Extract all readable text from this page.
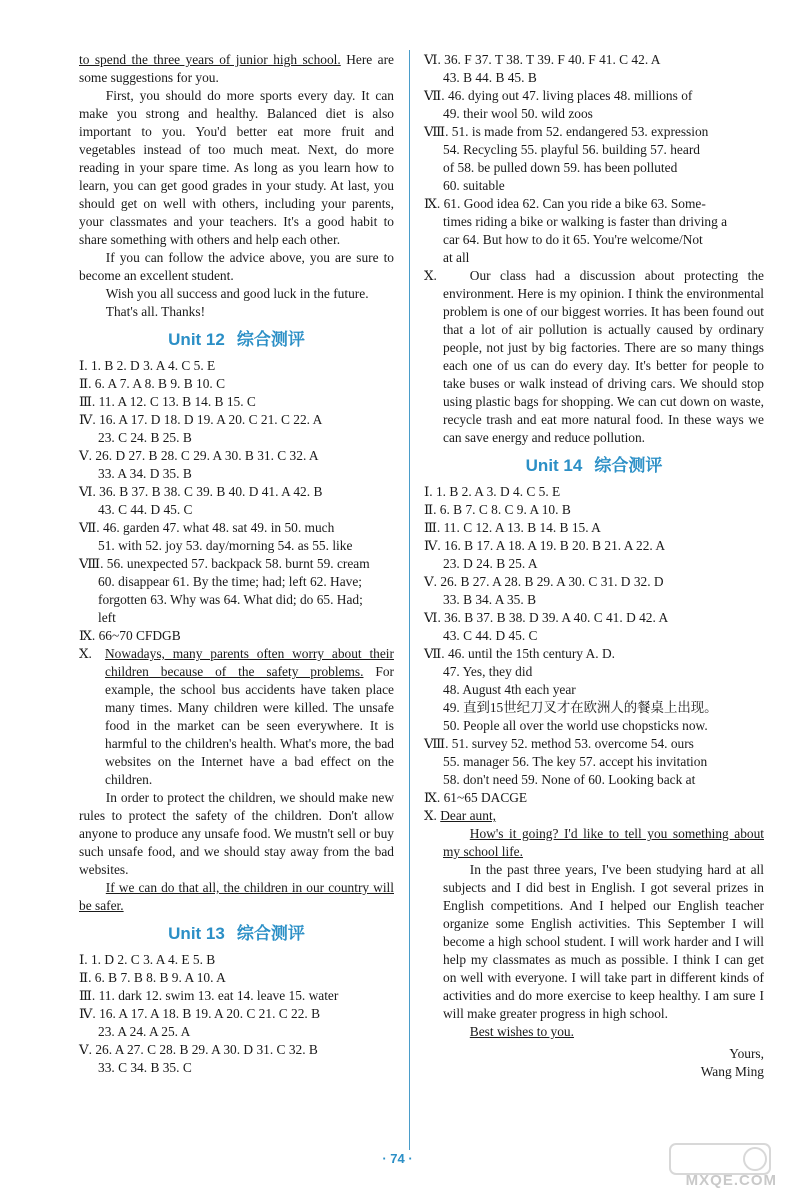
to spend the three years of junior high school. Here are some suggestions for you.

First, you should do more sports every day. It can make you strong and healthy. Balanced diet is also important to you. You'd better eat more fruit and vegetables instead of too much meat. Next, do more reading in your spare time. As long as you learn how to learn, you can get good grades in your study. At last, you should get on well with others, including your parents, your classmates and your teachers. It's a good habit to share something with others and help each other.

If you can follow the advice above, you are sure to become an excellent student.

Wish you all success and good luck in the future.

That's all. Thanks!

Unit 12 综合测评

Ⅰ. 1. B 2. D 3. A 4. C 5. E

Ⅱ. 6. A 7. A 8. B 9. B 10. C

Ⅲ. 11. A 12. C 13. B 14. B 15. C

Ⅳ. 16. A 17. D 18. D 19. A 20. C 21. C 22. A

23. C 24. B 25. B

Ⅴ. 26. D 27. B 28. C 29. A 30. B 31. C 32. A

33. A 34. D 35. B

Ⅵ. 36. B 37. B 38. C 39. B 40. D 41. A 42. B

43. C 44. D 45. C

Ⅶ. 46. garden 47. what 48. sat 49. in 50. much

51. with 52. joy 53. day/morning 54. as 55. like

Ⅷ. 56. unexpected 57. backpack 58. burnt 59. cream

60. disappear 61. By the time; had; left 62. Have;

forgotten 63. Why was 64. What did; do 65. Had;

left

Ⅸ. 66~70 CFDGB

Ⅹ. Nowadays, many parents often worry about their children because of the safety problems. For example, the school bus accidents have taken place many times. Many children were killed. The unsafe food in the market can be seen everywhere. It is harmful to the children's health. What's more, the bad websites on the Internet have a bad effect on the children.

In order to protect the children, we should make new rules to protect the safety of the children. Don't allow anyone to produce any unsafe food. We mustn't sell or buy such unsafe food, and we should stay away from the bad websites.

If we can do that all, the children in our country will be safer.

Unit 13 综合测评

Ⅰ. 1. D 2. C 3. A 4. E 5. B

Ⅱ. 6. B 7. B 8. B 9. A 10. A

Ⅲ. 11. dark 12. swim 13. eat 14. leave 15. water

Ⅳ. 16. A 17. A 18. B 19. A 20. C 21. C 22. B

23. A 24. A 25. A

Ⅴ. 26. A 27. C 28. B 29. A 30. D 31. C 32. B

33. C 34. B 35. C

Ⅵ. 36. F 37. T 38. T 39. F 40. F 41. C 42. A

43. B 44. B 45. B

Ⅶ. 46. dying out 47. living places 48. millions of

49. their wool 50. wild zoos

Ⅷ. 51. is made from 52. endangered 53. expression

54. Recycling 55. playful 56. building 57. heard

of 58. be pulled down 59. has been polluted

60. suitable

Ⅸ. 61. Good idea 62. Can you ride a bike 63. Some-

times riding a bike or walking is faster than driving a

car 64. But how to do it 65. You're welcome/Not

at all

Ⅹ.	Our class had a discussion about protecting the environment. Here is my opinion. I think the environmental problem is one of our biggest worries. It has been found out that a lot of air pollution is actually caused by ordinary people, not just by big factories. There are so many things each one of us can do every day. It's better for people to take buses or walk instead of driving cars. We should stop using plastic bags for shopping. We can cut down on waste, recycle trash and eat more natural food. In these ways we can save energy and reduce pollution.

Unit 14 综合测评

Ⅰ. 1. B 2. A 3. D 4. C 5. E

Ⅱ. 6. B 7. C 8. C 9. A 10. B

Ⅲ. 11. C 12. A 13. B 14. B 15. A

Ⅳ. 16. B 17. A 18. A 19. B 20. B 21. A 22. A

23. D 24. B 25. A

Ⅴ. 26. B 27. A 28. B 29. A 30. C 31. D 32. D

33. B 34. A 35. B

Ⅵ. 36. B 37. B 38. D 39. A 40. C 41. D 42. A

43. C 44. D 45. C

Ⅶ. 46. until the 15th century A. D.

47. Yes, they did

48. August 4th each year

49. 直到15世纪刀叉才在欧洲人的餐桌上出现。

50. People all over the world use chopsticks now.

Ⅷ. 51. survey 52. method 53. overcome 54. ours

55. manager 56. The key 57. accept his invitation

58. don't need 59. None of 60. Looking back at

Ⅸ. 61~65 DACGE

Ⅹ. Dear aunt,

How's it going? I'd like to tell you something about my school life.

In the past three years, I've been studying hard at all subjects and I did best in English. I got several prizes in English competitions. And I helped our English teacher organize some English activities. This September I will become a high school student. I will work harder and I will help my classmates as much as possible. I think I can get on well with everyone. I will take part in different kinds of activities and do more exercise to keep healthy. I am sure I will make greater progress in high school.

Best wishes to you.

Yours,

Wang Ming

· 74 ·
MXQE.COM
